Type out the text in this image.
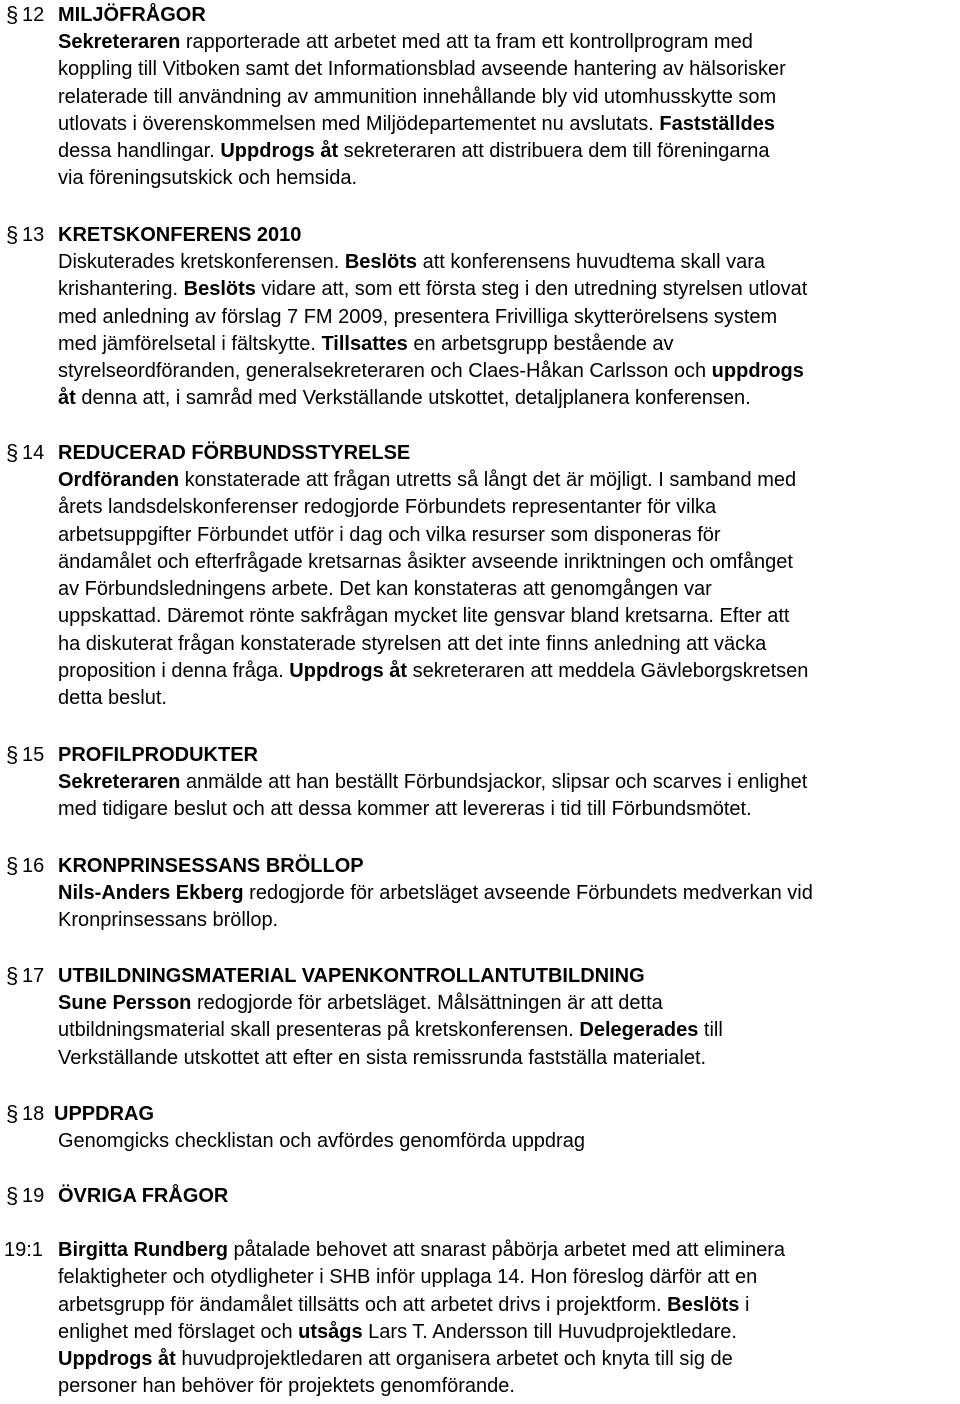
§ 12 MILJÖFRÅGOR
Sekreteraren rapporterade att arbetet med att ta fram ett kontrollprogram med
koppling till Vitboken samt det Informationsblad avseende hantering av hälsorisker
relaterade till användning av ammunition innehållande bly vid utomhusskytte som
utlovats i överenskommelsen med Miljödepartementet nu avslutats. Fastställdes
dessa handlingar. Uppdrogs åt sekreteraren att distribuera dem till föreningarna
via föreningsutskick och hemsida.
§ 13 KRETSKONFERENS 2010
Diskuterades kretskonferensen. Beslöts att konferensens huvudtema skall vara
krishantering. Beslöts vidare att, som ett första steg i den utredning styrelsen utlovat
med anledning av förslag 7 FM 2009, presentera Frivilliga skytterörelsens system
med jämförelsetal i fältskytte. Tillsattes en arbetsgrupp bestående av
styrelseordföranden, generalsekreteraren och Claes-Håkan Carlsson och uppdrogs
åt denna att, i samråd med Verkställande utskottet, detaljplanera konferensen.
§ 14 REDUCERAD FÖRBUNDSSTYRELSE
Ordföranden konstaterade att frågan utretts så långt det är möjligt. I samband med
årets landsdelskonferenser redogjorde Förbundets representanter för vilka
arbetsuppgifter Förbundet utför i dag och vilka resurser som disponeras för
ändamålet och efterfrågade kretsarnas åsikter avseende inriktningen och omfånget
av Förbundsledningens arbete. Det kan konstateras att genomgången var
uppskattad. Däremot rönte sakfrågan mycket lite gensvar bland kretsarna. Efter att
ha diskuterat frågan konstaterade styrelsen att det inte finns anledning att väcka
proposition i denna fråga. Uppdrogs åt sekreteraren att meddela Gävleborgskretsen
detta beslut.
§ 15 PROFILPRODUKTER
Sekreteraren anmälde att han beställt Förbundsjackor, slipsar och scarves i enlighet
med tidigare beslut och att dessa kommer att levereras i tid till Förbundsmötet.
§ 16 KRONPRINSESSANS BRÖLLOP
Nils-Anders Ekberg redogjorde för arbetsläget avseende Förbundets medverkan vid
Kronprinsessans bröllop.
§ 17 UTBILDNINGSMATERIAL VAPENKONTROLLANTUTBILDNING
Sune Persson redogjorde för arbetsläget. Målsättningen är att detta
utbildningsmaterial skall presenteras på kretskonferensen. Delegerades till
Verkställande utskottet att efter en sista remissrunda fastställa materialet.
§ 18 UPPDRAG
Genomgicks checklistan och avfördes genomförda uppdrag
§ 19 ÖVRIGA FRÅGOR
19:1 Birgitta Rundberg påtalade behovet att snarast påbörja arbetet med att eliminera
felaktigheter och otydligheter i SHB inför upplaga 14. Hon föreslog därför att en
arbetsgrupp för ändamålet tillsätts och att arbetet drivs i projektform. Beslöts i
enlighet med förslaget och utsågs Lars T. Andersson till Huvudprojektledare.
Uppdrogs åt huvudprojektledaren att organisera arbetet och knyta till sig de
personer han behöver för projektets genomförande.
